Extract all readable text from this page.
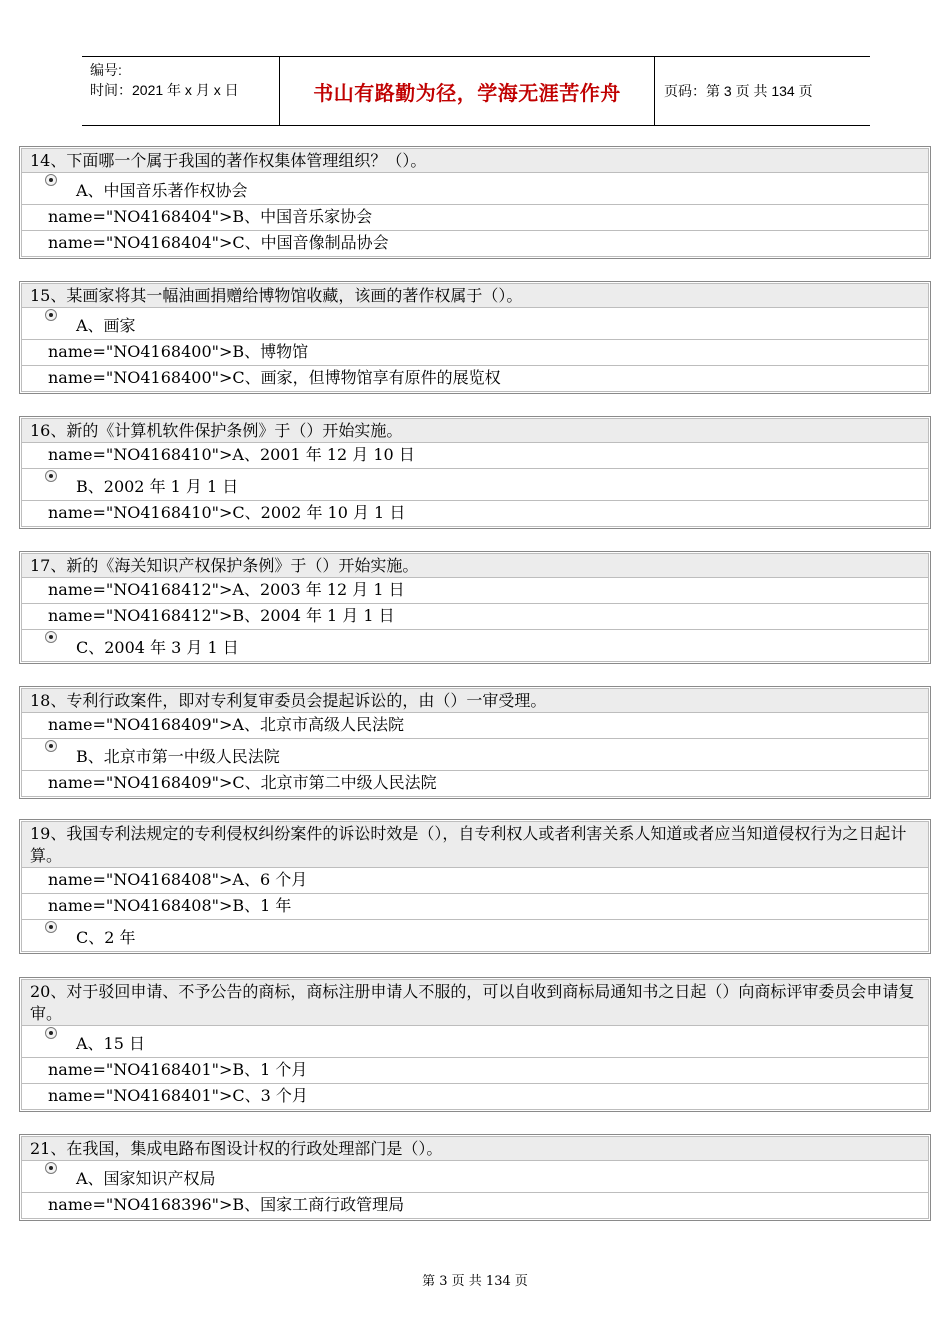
编号:
时间：2021 年 x 月 x 日	书山有路勤为径，学海无涯苦作舟	页码：第 3 页 共 134 页
14、下面哪一个属于我国的著作权集体管理组织？（）。
A、中国音乐著作权协会
name="NO4168404">B、中国音乐家协会
name="NO4168404">C、中国音像制品协会
15、某画家将其一幅油画捐赠给博物馆收藏，该画的著作权属于（）。
A、画家
name="NO4168400">B、博物馆
name="NO4168400">C、画家，但博物馆享有原件的展览权
16、新的《计算机软件保护条例》于（）开始实施。
name="NO4168410">A、2001 年 12 月 10 日
B、2002 年 1 月 1 日
name="NO4168410">C、2002 年 10 月 1 日
17、新的《海关知识产权保护条例》于（）开始实施。
name="NO4168412">A、2003 年 12 月 1 日
name="NO4168412">B、2004 年 1 月 1 日
C、2004 年 3 月 1 日
18、专利行政案件，即对专利复审委员会提起诉讼的，由（）一审受理。
name="NO4168409">A、北京市高级人民法院
B、北京市第一中级人民法院
name="NO4168409">C、北京市第二中级人民法院
19、我国专利法规定的专利侵权纠纷案件的诉讼时效是（），自专利权人或者利害关系人知道或者应当知道侵权行为之日起计算。
name="NO4168408">A、6 个月
name="NO4168408">B、1 年
C、2 年
20、对于驳回申请、不予公告的商标，商标注册申请人不服的，可以自收到商标局通知书之日起（）向商标评审委员会申请复审。
A、15 日
name="NO4168401">B、1 个月
name="NO4168401">C、3 个月
21、在我国，集成电路布图设计权的行政处理部门是（）。
A、国家知识产权局
name="NO4168396">B、国家工商行政管理局
第 3 页 共 134 页
